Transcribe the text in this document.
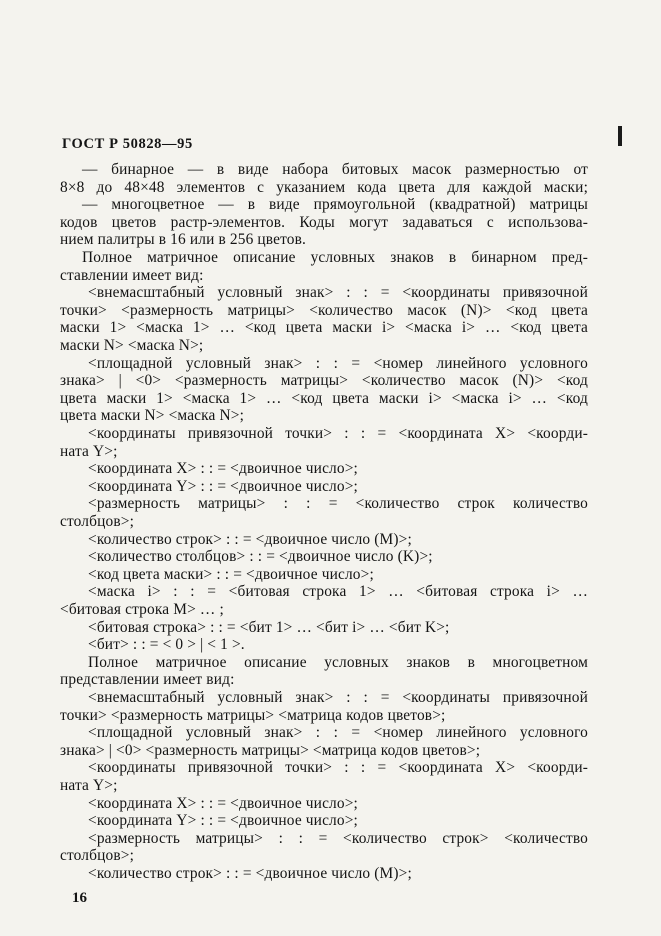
ГОСТ Р 50828—95
— бинарное — в виде набора битовых масок размерностью от
8×8 до 48×48 элементов с указанием кода цвета для каждой маски;
— многоцветное — в виде прямоугольной (квадратной) матрицы
кодов цветов растр-элементов. Коды могут задаваться с использова-
нием палитры в 16 или в 256 цветов.
Полное матричное описание условных знаков в бинарном пред-
ставлении имеет вид:
<внемасштабный условный знак> : : = <координаты привязочной
точки> <размерность матрицы> <количество масок (N)> <код цвета
маски 1> <маска 1> … <код цвета маски i> <маска i> … <код цвета
маски N> <маска N>;
<площадной условный знак> : : = <номер линейного условного
знака> | <0> <размерность матрицы> <количество масок (N)> <код
цвета маски 1> <маска 1> … <код цвета маски i> <маска i> … <код
цвета маски N> <маска N>;
<координаты привязочной точки> : : = <координата X> <коорди-
ната Y>;
<координата X> : : = <двоичное число>;
<координата Y> : : = <двоичное число>;
<размерность матрицы> : : = <количество строк количество
столбцов>;
<количество строк> : : = <двоичное число (M)>;
<количество столбцов> : : = <двоичное число (K)>;
<код цвета маски> : : = <двоичное число>;
<маска i> : : = <битовая строка 1> … <битовая строка i> …
<битовая строка M> … ;
<битовая строка> : : = <бит 1> … <бит i> … <бит K>;
<бит> : : = < 0 > | < 1 >.
Полное матричное описание условных знаков в многоцветном
представлении имеет вид:
<внемасштабный условный знак> : : = <координаты привязочной
точки> <размерность матрицы> <матрица кодов цветов>;
<площадной условный знак> : : = <номер линейного условного
знака> | <0> <размерность матрицы> <матрица кодов цветов>;
<координаты привязочной точки> : : = <координата X> <коорди-
ната Y>;
<координата X> : : = <двоичное число>;
<координата Y> : : = <двоичное число>;
<размерность матрицы> : : = <количество строк> <количество
столбцов>;
<количество строк> : : = <двоичное число (M)>;
16
